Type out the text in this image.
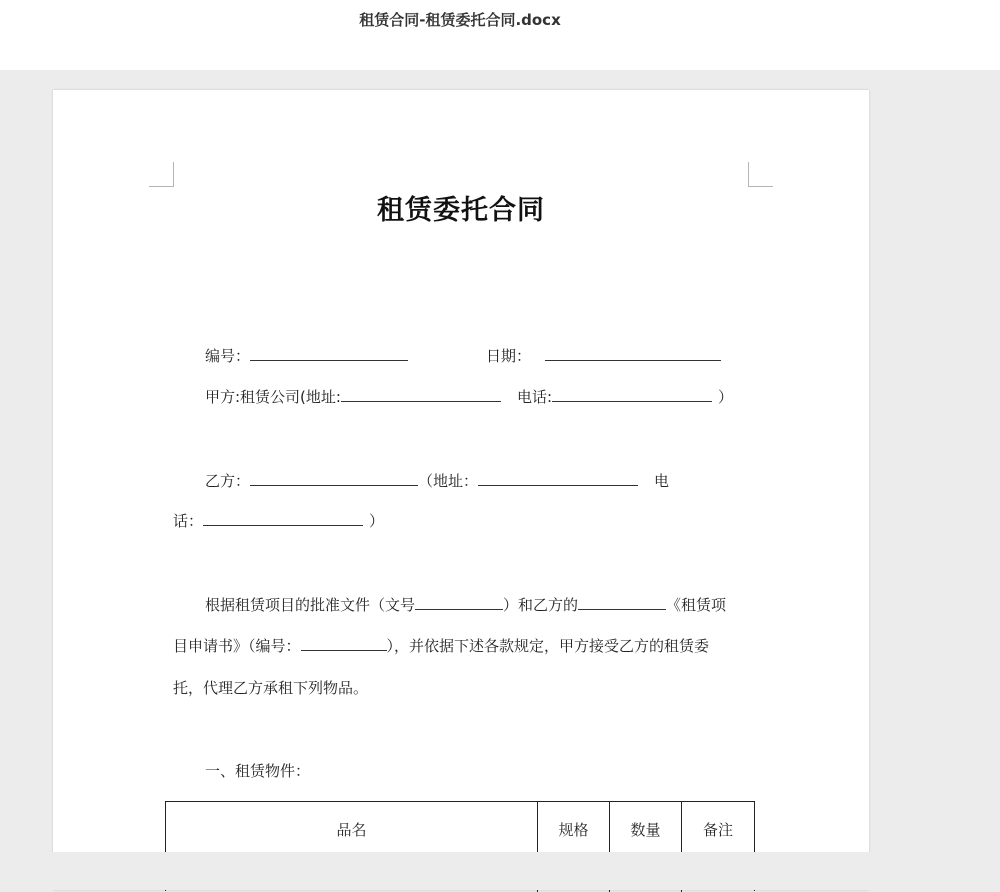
租赁合同-租赁委托合同.docx
租赁委托合同
编号：	日期：
甲方:租赁公司(地址:	电话:	）
乙方：	（地址：	电
话：	）
根据租赁项目的批准文件（文号	）和乙方的	《租赁项
目申请书》（编号：	），并依据下述各款规定，甲方接受乙方的租赁委
托，代理乙方承租下列物品。
一、租赁物件：
品名	规格	数量	备注
